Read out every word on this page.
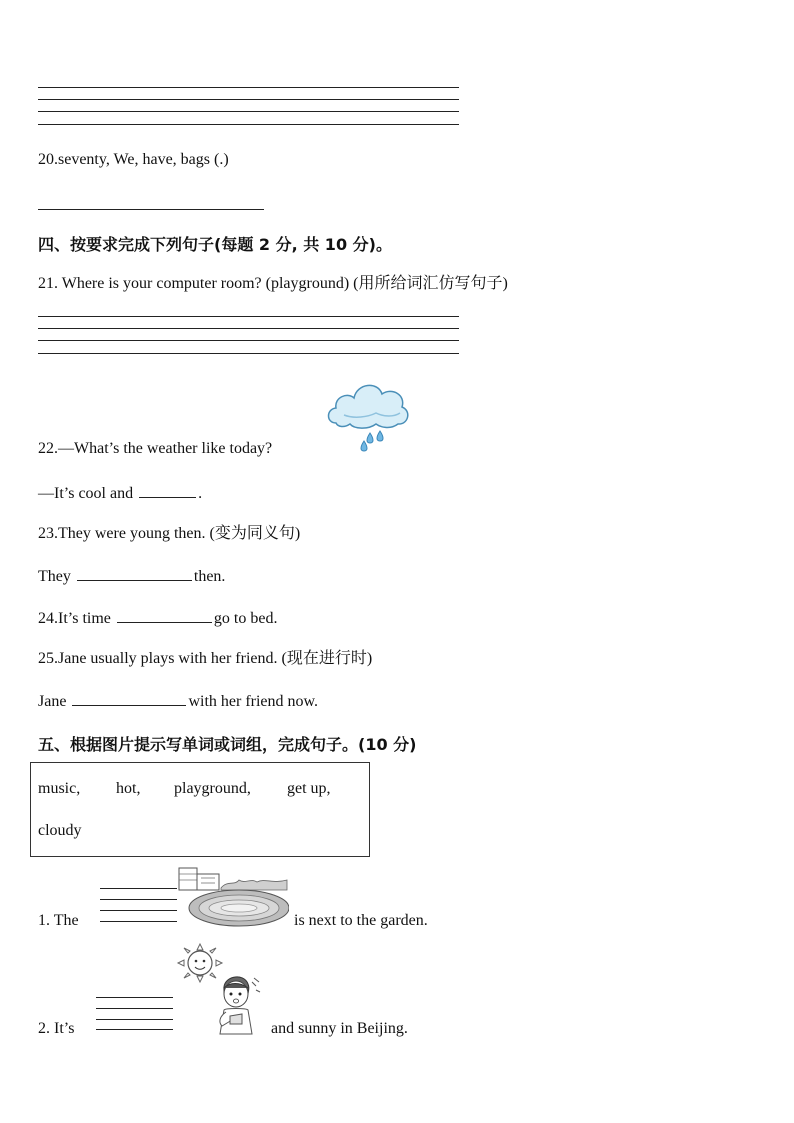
20.seventy, We, have, bags (.)
四、按要求完成下列句子(每题 2 分, 共 10 分)。
21. Where is your computer room? (playground) (用所给词汇仿写句子)
22.—What’s the weather like today?
—It’s cool and	.
23.They were young then. (变为同义句)
They	then.
24.It’s time	go to bed.
25.Jane usually plays with her friend. (现在进行时)
Jane	with her friend now.
五、根据图片提示写单词或词组，完成句子。(10 分)
music, hot, playground, get up,
cloudy
1. The	is next to the garden.
2. It’s	and sunny in Beijing.
